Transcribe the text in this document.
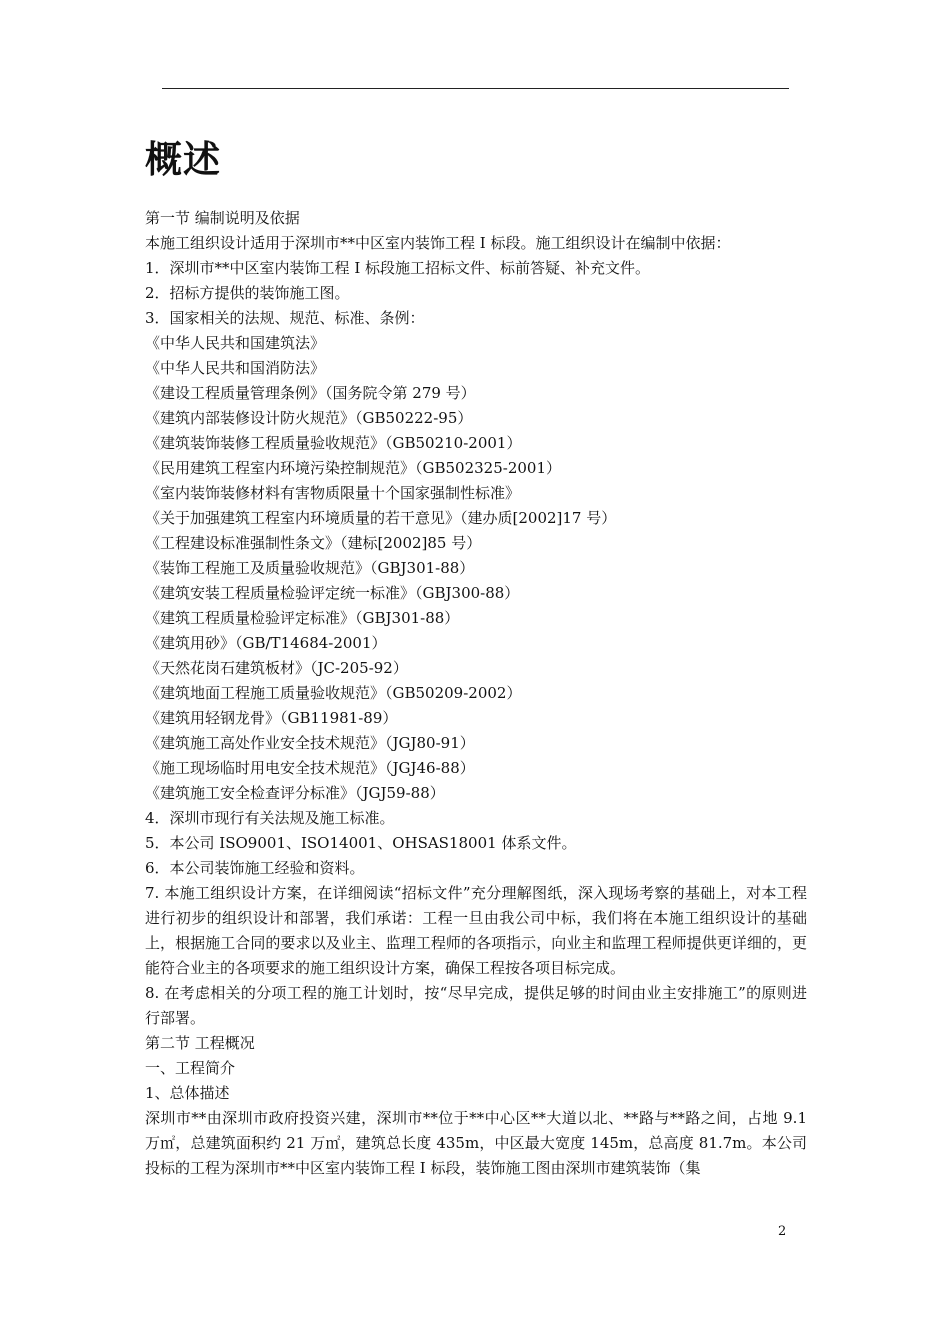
概述
第一节 编制说明及依据
本施工组织设计适用于深圳市**中区室内装饰工程 I 标段。施工组织设计在编制中依据：
1．深圳市**中区室内装饰工程 I 标段施工招标文件、标前答疑、补充文件。
2．招标方提供的装饰施工图。
3．国家相关的法规、规范、标准、条例：
《中华人民共和国建筑法》
《中华人民共和国消防法》
《建设工程质量管理条例》（国务院令第 279 号）
《建筑内部装修设计防火规范》（GB50222-95）
《建筑装饰装修工程质量验收规范》（GB50210-2001）
《民用建筑工程室内环境污染控制规范》（GB502325-2001）
《室内装饰装修材料有害物质限量十个国家强制性标准》
《关于加强建筑工程室内环境质量的若干意见》（建办质[2002]17 号）
《工程建设标准强制性条文》（建标[2002]85 号）
《装饰工程施工及质量验收规范》（GBJ301-88）
《建筑安装工程质量检验评定统一标准》（GBJ300-88）
《建筑工程质量检验评定标准》（GBJ301-88）
《建筑用砂》（GB/T14684-2001）
《天然花岗石建筑板材》（JC-205-92）
《建筑地面工程施工质量验收规范》（GB50209-2002）
《建筑用轻钢龙骨》（GB11981-89）
《建筑施工高处作业安全技术规范》（JGJ80-91）
《施工现场临时用电安全技术规范》（JGJ46-88）
《建筑施工安全检查评分标准》（JGJ59-88）
4．深圳市现行有关法规及施工标准。
5．本公司 ISO9001、ISO14001、OHSAS18001 体系文件。
6．本公司装饰施工经验和资料。
7. 本施工组织设计方案，在详细阅读“招标文件”充分理解图纸，深入现场考察的基础上，对本工程进行初步的组织设计和部署，我们承诺：工程一旦由我公司中标，我们将在本施工组织设计的基础上，根据施工合同的要求以及业主、监理工程师的各项指示，向业主和监理工程师提供更详细的，更能符合业主的各项要求的施工组织设计方案，确保工程按各项目标完成。
8. 在考虑相关的分项工程的施工计划时，按“尽早完成，提供足够的时间由业主安排施工”的原则进行部署。
第二节 工程概况
一、工程简介
1、总体描述
深圳市**由深圳市政府投资兴建，深圳市**位于**中心区**大道以北、**路与**路之间，占地 9.1 万㎡，总建筑面积约 21 万㎡，建筑总长度 435m，中区最大宽度 145m，总高度 81.7m。本公司投标的工程为深圳市**中区室内装饰工程 I 标段，装饰施工图由深圳市建筑装饰（集
2
